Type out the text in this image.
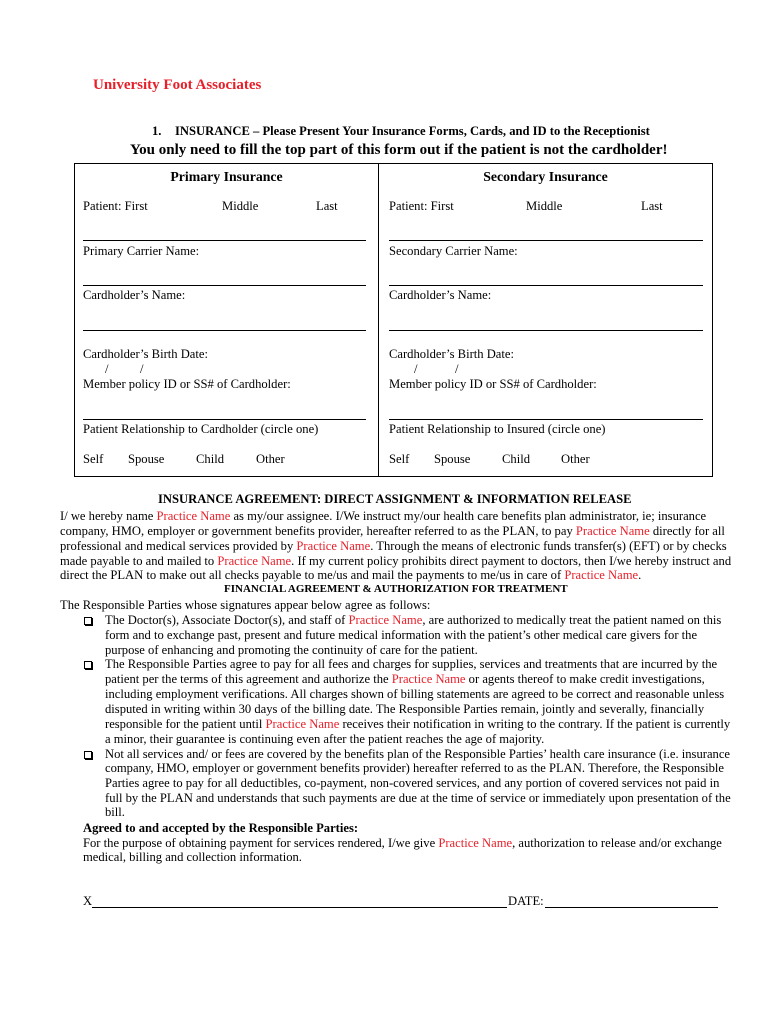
University Foot Associates
1. INSURANCE – Please Present Your Insurance Forms, Cards, and ID to the Receptionist
You only need to fill the top part of this form out if the patient is not the cardholder!
Primary Insurance
Patient: First	Middle	Last
Primary Carrier Name:
Cardholder’s Name:
Cardholder’s Birth Date:
/	/
Member policy ID or SS# of Cardholder:
Patient Relationship to Cardholder (circle one)
Self Spouse	Child	Other
Secondary Insurance
Patient: First	Middle	Last
Secondary Carrier Name:
Cardholder’s Name:
Cardholder’s Birth Date:
/	/
Member policy ID or SS# of Cardholder:
Patient Relationship to Insured (circle one)
Self Spouse	Child Other
INSURANCE AGREEMENT: DIRECT ASSIGNMENT & INFORMATION RELEASE
I/ we hereby name Practice Name as my/our assignee. I/We instruct my/our health care benefits plan administrator, ie; insurance
company, HMO, employer or government benefits provider, hereafter referred to as the PLAN, to pay Practice Name directly for all
professional and medical services provided by Practice Name. Through the means of electronic funds transfer(s) (EFT) or by checks
made payable to and mailed to Practice Name. If my current policy prohibits direct payment to doctors, then I/we hereby instruct and
direct the PLAN to make out all checks payable to me/us and mail the payments to me/us in care of Practice Name.
FINANCIAL AGREEMENT & AUTHORIZATION FOR TREATMENT
The Responsible Parties whose signatures appear below agree as follows:
The Doctor(s), Associate Doctor(s), and staff of Practice Name, are authorized to medically treat the patient named on this
form and to exchange past, present and future medical information with the patient’s other medical care givers for the
purpose of enhancing and promoting the continuity of care for the patient.
The Responsible Parties agree to pay for all fees and charges for supplies, services and treatments that are incurred by the
patient per the terms of this agreement and authorize the Practice Name or agents thereof to make credit investigations,
including employment verifications. All charges shown of billing statements are agreed to be correct and reasonable unless
disputed in writing within 30 days of the billing date. The Responsible Parties remain, jointly and severally, financially
responsible for the patient until Practice Name receives their notification in writing to the contrary. If the patient is currently
a minor, their guarantee is continuing even after the patient reaches the age of majority.
Not all services and/ or fees are covered by the benefits plan of the Responsible Parties’ health care insurance (i.e. insurance
company, HMO, employer or government benefits provider) hereafter referred to as the PLAN. Therefore, the Responsible
Parties agree to pay for all deductibles, co-payment, non-covered services, and any portion of covered services not paid in
full by the PLAN and understands that such payments are due at the time of service or immediately upon presentation of the
bill.
Agreed to and accepted by the Responsible Parties:
For the purpose of obtaining payment for services rendered, I/we give Practice Name, authorization to release and/or exchange
medical, billing and collection information.
X	DATE:
